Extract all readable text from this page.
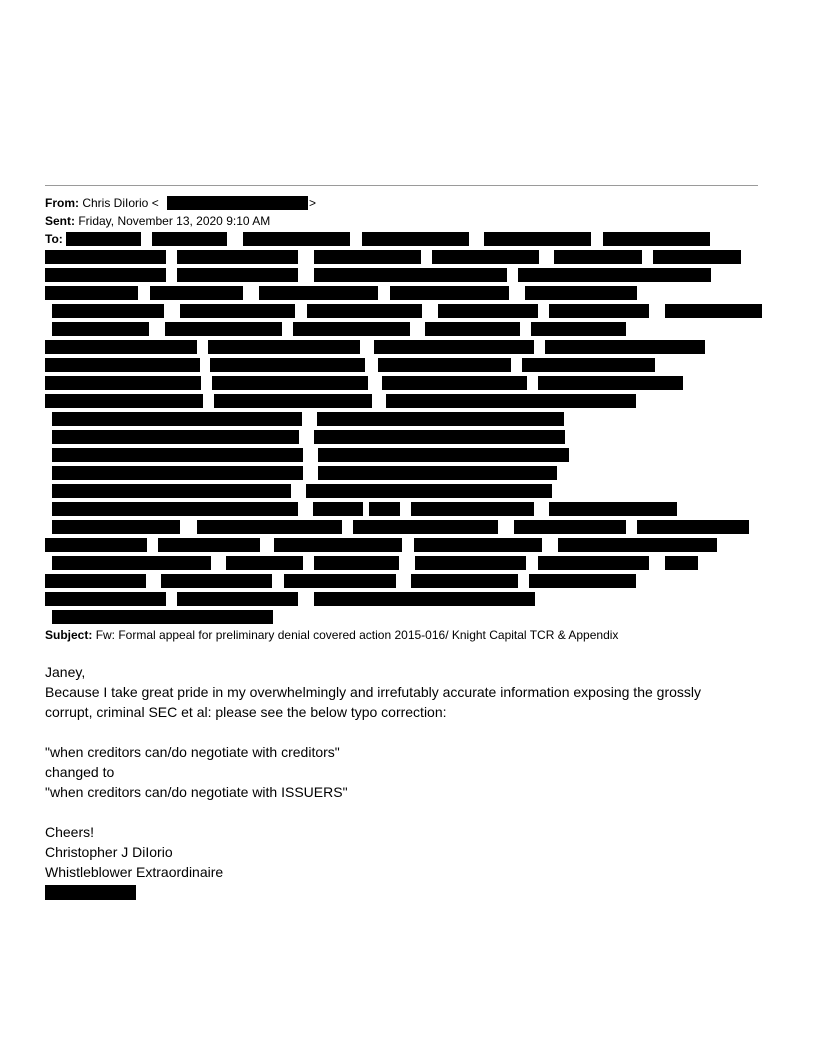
From: Chris DiIorio <	>
Sent: Friday, November 13, 2020 9:10 AM
To:
Subject: Fw: Formal appeal for preliminary denial covered action 2015-016/ Knight Capital TCR & Appendix
Janey,
Because I take great pride in my overwhelmingly and irrefutably accurate information exposing the grossly
corrupt, criminal SEC et al: please see the below typo correction:
"when creditors can/do negotiate with creditors"
changed to
"when creditors can/do negotiate with ISSUERS"
Cheers!
Christopher J DiIorio
Whistleblower Extraordinaire
